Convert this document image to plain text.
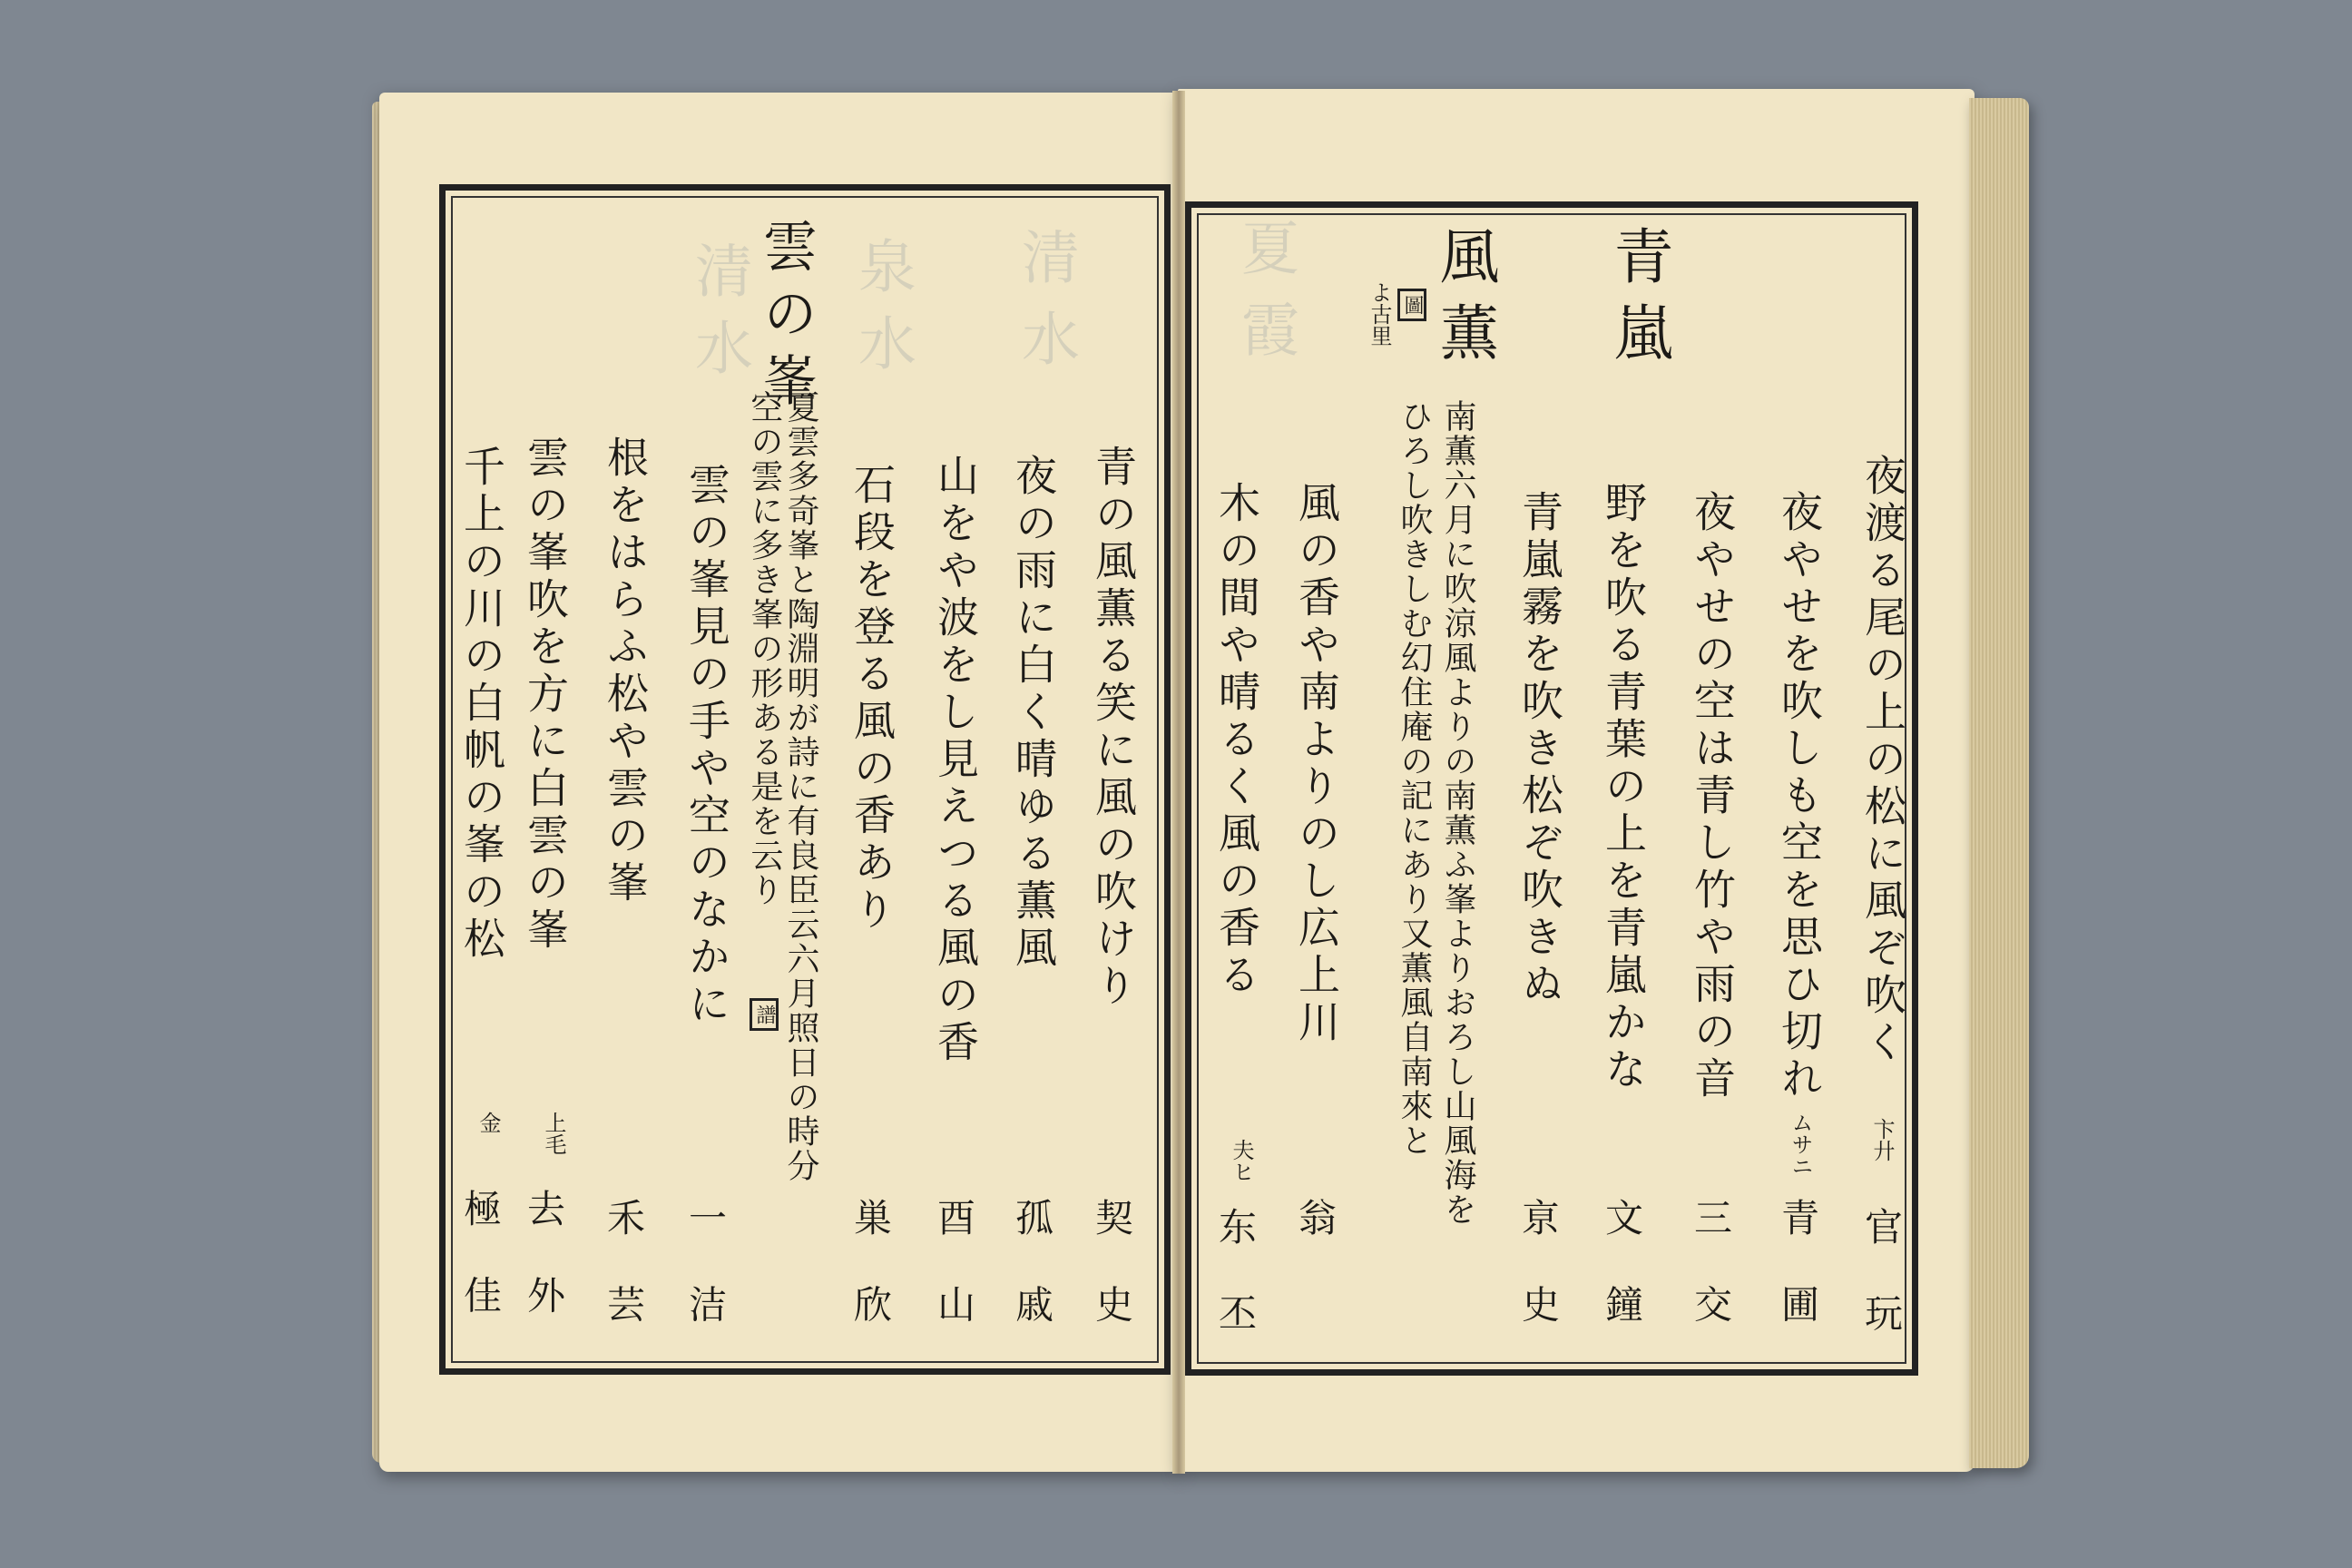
清
水
泉
水
清
水
夏
霞	青嵐
風薫
圖
よ古里
夜渡る尾の上の松に風ぞ吹く
卞廾
官 玩
夜やせを吹しも空を思ひ切れ
ムサニ
青 圃
夜やせの空は青し竹や雨の音
三 交
野を吹る青葉の上を青嵐かな
文 鐘
青嵐霧を吹き松ぞ吹きぬ
亰 史
南薫六月に吹涼風よりの南薫ふ峯よりおろし山風海を
ひろし吹きしむ幻住庵の記にあり又薫風自南來と
風の香や南よりのし広上川
翁
木の間や晴るく風の香る
夫ヒ
东 丕
雲の峯
青の風薫る笑に風の吹けり
契 史
夜の雨に白く晴ゆる薫風
孤 戚
山をや波をし見えつる風の香
酉 山
石段を登る風の香あり
巣 欣
夏雲多奇峯と陶淵明が詩に有良臣云六月照日の時分
空の雲に多き峯の形ある是を云り
譜
雲の峯見の手や空のなかに
一 洁
根をはらふ松や雲の峯
禾 芸
雲の峯吹を方に白雲の峯
上毛
去 外
千上の川の白帆の峯の松
金
極 佳
